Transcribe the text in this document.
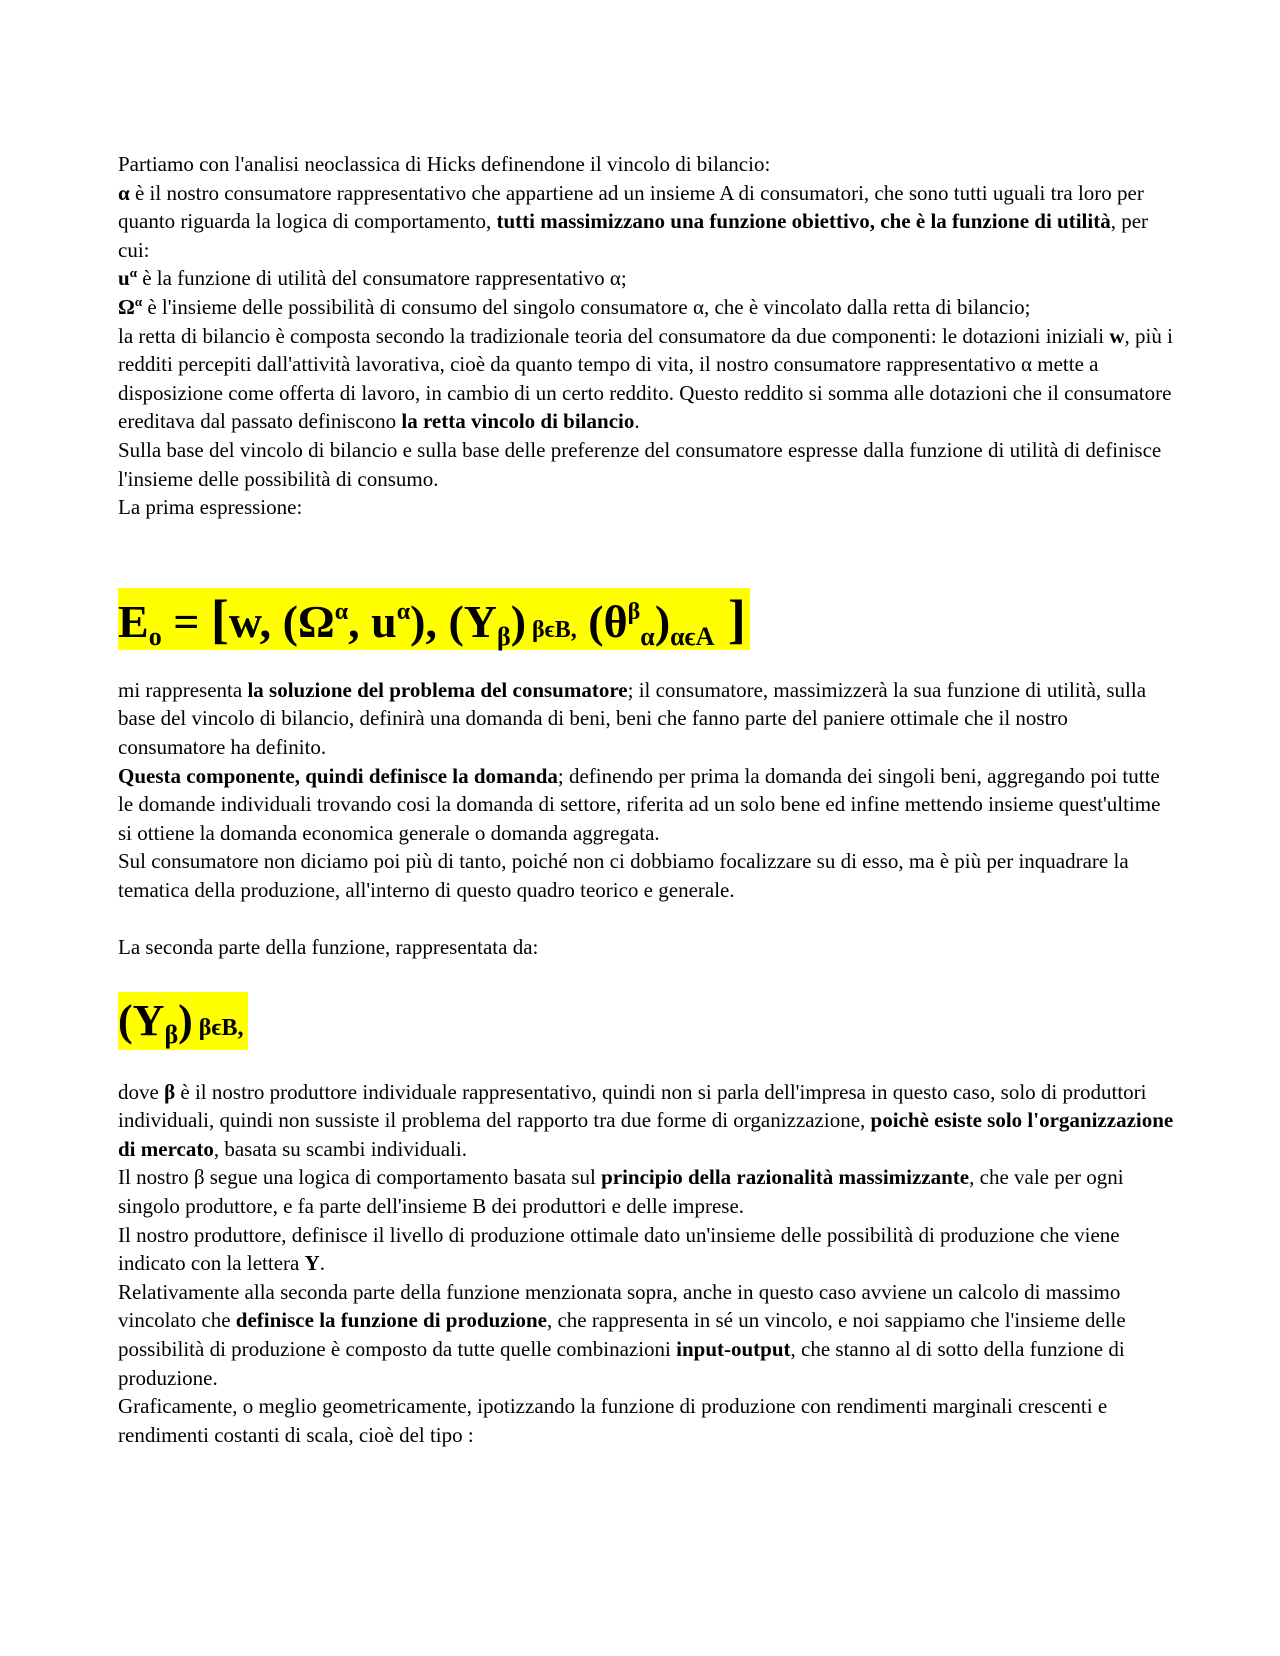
Partiamo con l'analisi neoclassica di Hicks definendone il vincolo di bilancio:
α è il nostro consumatore rappresentativo che appartiene ad un insieme A di consumatori, che sono tutti uguali tra loro per quanto riguarda la logica di comportamento, tutti massimizzano una funzione obiettivo, che è la funzione di utilità, per cui:
$u^\alpha$ è la funzione di utilità del consumatore rappresentativo α;
$\Omega^\alpha$ è l'insieme delle possibilità di consumo del singolo consumatore α, che è vincolato dalla retta di bilancio;
la retta di bilancio è composta secondo la tradizionale teoria del consumatore da due componenti: le dotazioni iniziali w, più i redditi percepiti dall'attività lavorativa, cioè da quanto tempo di vita, il nostro consumatore rappresentativo α mette a disposizione come offerta di lavoro, in cambio di un certo reddito. Questo reddito si somma alle dotazioni che il consumatore ereditava dal passato definiscono la retta vincolo di bilancio.
Sulla base del vincolo di bilancio e sulla base delle preferenze del consumatore espresse dalla funzione di utilità di definisce l'insieme delle possibilità di consumo.
La prima espressione:

$E_o = [w$, ($\Omega^\alpha$, $u^\alpha$), $(Y_\beta)$ βϵB, $(\theta^\beta_\alpha)_{\alpha\epsilon A}$ ]

mi rappresenta la soluzione del problema del consumatore; il consumatore, massimizzerà la sua funzione di utilità, sulla base del vincolo di bilancio, definirà una domanda di beni, beni che fanno parte del paniere ottimale che il nostro consumatore ha definito.
Questa componente, quindi definisce la domanda; definendo per prima la domanda dei singoli beni, aggregando poi tutte le domande individuali trovando cosi la domanda di settore, riferita ad un solo bene ed infine mettendo insieme quest'ultime si ottiene la domanda economica generale o domanda aggregata.
Sul consumatore non diciamo poi più di tanto, poiché non ci dobbiamo focalizzare su di esso, ma è più per inquadrare la tematica della produzione, all'interno di questo quadro teorico e generale.

La seconda parte della funzione, rappresentata da:

$(Y_\beta)$ βϵB,

dove β è il nostro produttore individuale rappresentativo, quindi non si parla dell'impresa in questo caso, solo di produttori individuali, quindi non sussiste il problema del rapporto tra due forme di organizzazione, poichè esiste solo l'organizzazione di mercato, basata su scambi individuali.
Il nostro β segue una logica di comportamento basata sul principio della razionalità massimizzante, che vale per ogni singolo produttore, e fa parte dell'insieme B dei produttori e delle imprese.
Il nostro produttore, definisce il livello di produzione ottimale dato un'insieme delle possibilità di produzione che viene indicato con la lettera Y.
Relativamente alla seconda parte della funzione menzionata sopra, anche in questo caso avviene un calcolo di massimo vincolato che definisce la funzione di produzione, che rappresenta in sé un vincolo, e noi sappiamo che l'insieme delle possibilità di produzione è composto da tutte quelle combinazioni input-output, che stanno al di sotto della funzione di produzione.
Graficamente, o meglio geometricamente, ipotizzando la funzione di produzione con rendimenti marginali crescenti e rendimenti costanti di scala, cioè del tipo :
